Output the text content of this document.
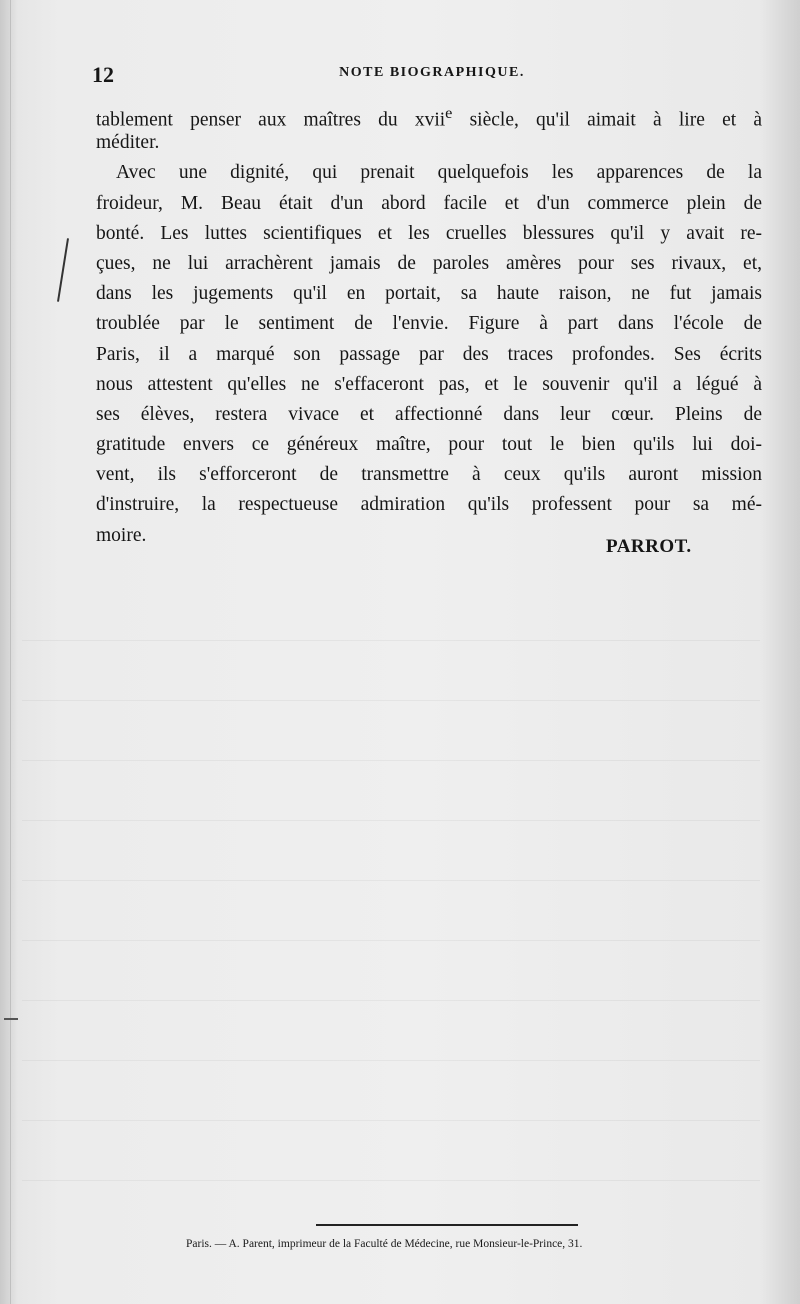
12	NOTE BIOGRAPHIQUE.
tablement penser aux maîtres du xvii$^e$ siècle, qu'il aimait à lire et à
méditer.
Avec une dignité, qui prenait quelquefois les apparences de la
froideur, M. Beau était d'un abord facile et d'un commerce plein de
bonté. Les luttes scientifiques et les cruelles blessures qu'il y avait re-
çues, ne lui arrachèrent jamais de paroles amères pour ses rivaux, et,
dans les jugements qu'il en portait, sa haute raison, ne fut jamais
troublée par le sentiment de l'envie. Figure à part dans l'école de
Paris, il a marqué son passage par des traces profondes. Ses écrits
nous attestent qu'elles ne s'effaceront pas, et le souvenir qu'il a légué à
ses élèves, restera vivace et affectionné dans leur cœur. Pleins de
gratitude envers ce généreux maître, pour tout le bien qu'ils lui doi-
vent, ils s'efforceront de transmettre à ceux qu'ils auront mission
d'instruire, la respectueuse admiration qu'ils professent pour sa mé-
moire.
PARROT.
Paris. — A. Parent, imprimeur de la Faculté de Médecine, rue Monsieur-le-Prince, 31.
